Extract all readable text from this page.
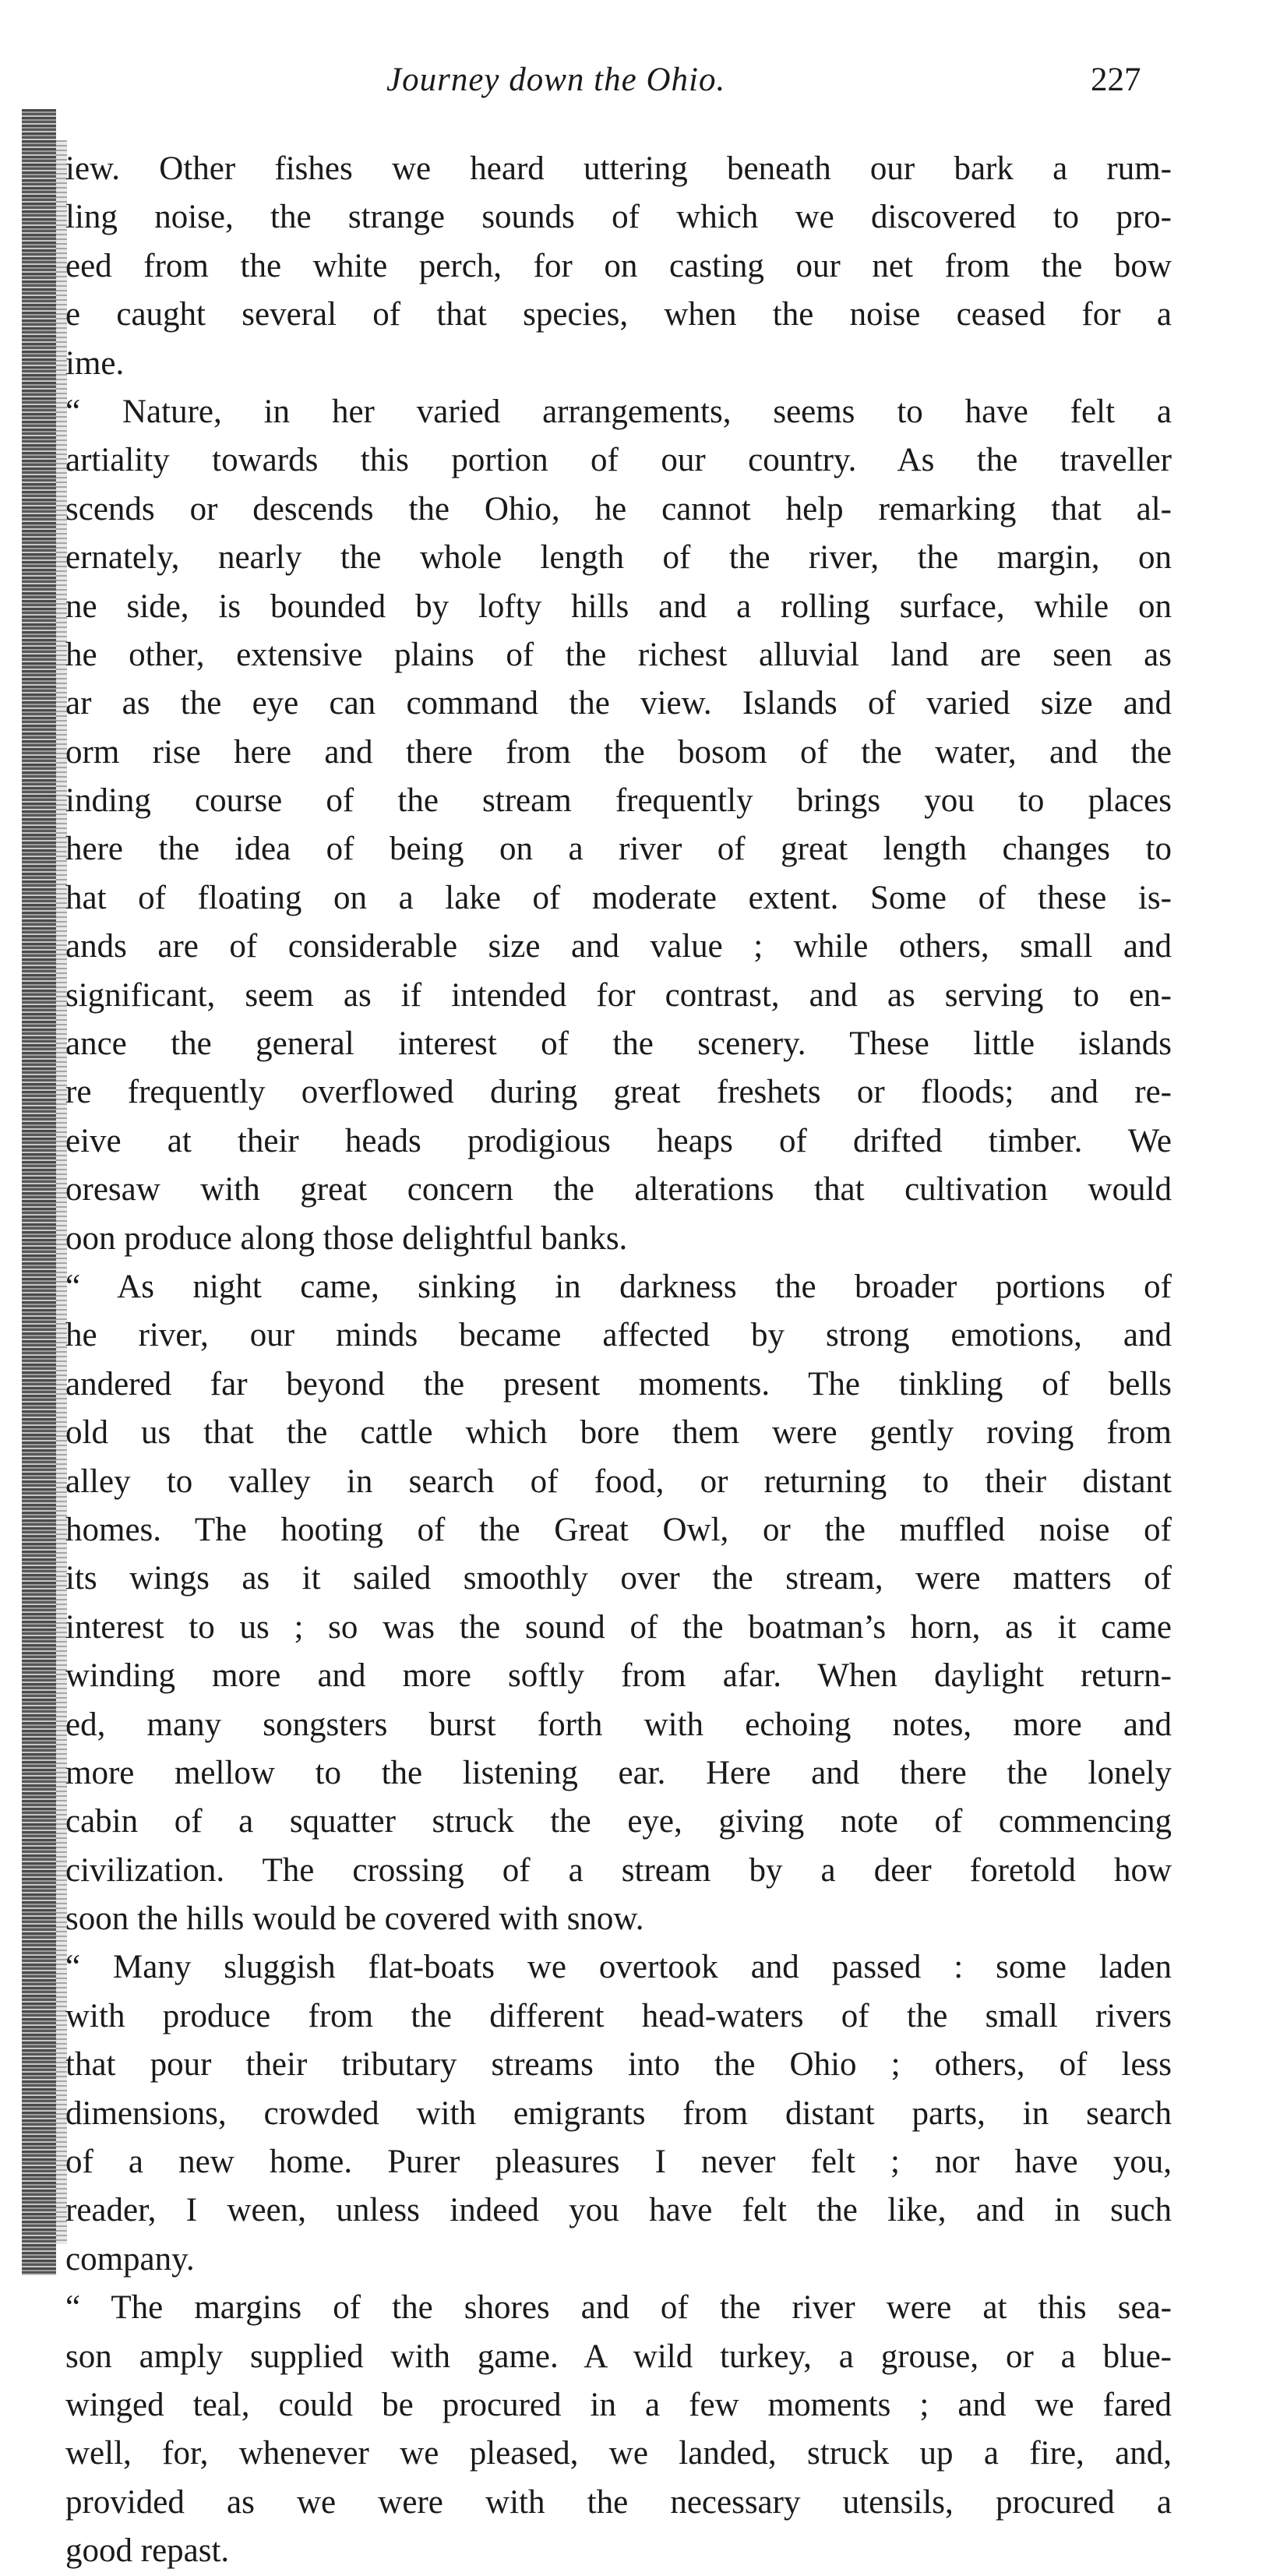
Journey down the Ohio.	227
iew. Other fishes we heard uttering beneath our bark a rum-
ling noise, the strange sounds of which we discovered to pro-
eed from the white perch, for on casting our net from the bow
e caught several of that species, when the noise ceased for a
ime.
“ Nature, in her varied arrangements, seems to have felt a
artiality towards this portion of our country. As the traveller
scends or descends the Ohio, he cannot help remarking that al-
ernately, nearly the whole length of the river, the margin, on
ne side, is bounded by lofty hills and a rolling surface, while on
he other, extensive plains of the richest alluvial land are seen as
ar as the eye can command the view. Islands of varied size and
orm rise here and there from the bosom of the water, and the
inding course of the stream frequently brings you to places
here the idea of being on a river of great length changes to
hat of floating on a lake of moderate extent. Some of these is-
ands are of considerable size and value ; while others, small and
significant, seem as if intended for contrast, and as serving to en-
ance the general interest of the scenery. These little islands
re frequently overflowed during great freshets or floods; and re-
eive at their heads prodigious heaps of drifted timber. We
oresaw with great concern the alterations that cultivation would
oon produce along those delightful banks.
“ As night came, sinking in darkness the broader portions of
he river, our minds became affected by strong emotions, and
andered far beyond the present moments. The tinkling of bells
old us that the cattle which bore them were gently roving from
alley to valley in search of food, or returning to their distant
homes. The hooting of the Great Owl, or the muffled noise of
its wings as it sailed smoothly over the stream, were matters of
interest to us ; so was the sound of the boatman’s horn, as it came
winding more and more softly from afar. When daylight return-
ed, many songsters burst forth with echoing notes, more and
more mellow to the listening ear. Here and there the lonely
cabin of a squatter struck the eye, giving note of commencing
civilization. The crossing of a stream by a deer foretold how
soon the hills would be covered with snow.
“ Many sluggish flat-boats we overtook and passed : some laden
with produce from the different head-waters of the small rivers
that pour their tributary streams into the Ohio ; others, of less
dimensions, crowded with emigrants from distant parts, in search
of a new home. Purer pleasures I never felt ; nor have you,
reader, I ween, unless indeed you have felt the like, and in such
company.
“ The margins of the shores and of the river were at this sea-
son amply supplied with game. A wild turkey, a grouse, or a blue-
winged teal, could be procured in a few moments ; and we fared
well, for, whenever we pleased, we landed, struck up a fire, and,
provided as we were with the necessary utensils, procured a
good repast.
